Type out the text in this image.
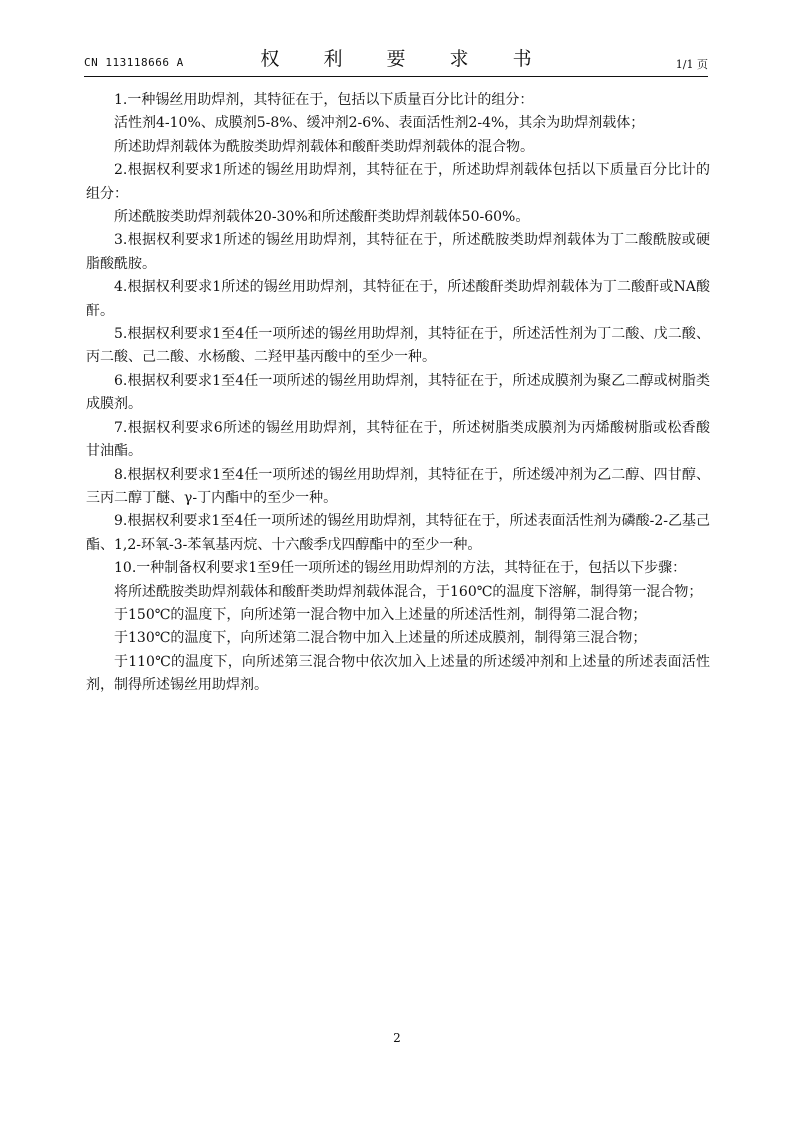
CN 113118666 A	权 利 要 求 书	1/1 页

1.一种锡丝用助焊剂，其特征在于，包括以下质量百分比计的组分：

活性剂4-10%、成膜剂5-8%、缓冲剂2-6%、表面活性剂2-4%，其余为助焊剂载体；

所述助焊剂载体为酰胺类助焊剂载体和酸酐类助焊剂载体的混合物。

2.根据权利要求1所述的锡丝用助焊剂，其特征在于，所述助焊剂载体包括以下质量百分比计的组分：

所述酰胺类助焊剂载体20-30%和所述酸酐类助焊剂载体50-60%。

3.根据权利要求1所述的锡丝用助焊剂，其特征在于，所述酰胺类助焊剂载体为丁二酸酰胺或硬脂酸酰胺。

4.根据权利要求1所述的锡丝用助焊剂，其特征在于，所述酸酐类助焊剂载体为丁二酸酐或NA酸酐。

5.根据权利要求1至4任一项所述的锡丝用助焊剂，其特征在于，所述活性剂为丁二酸、戊二酸、丙二酸、己二酸、水杨酸、二羟甲基丙酸中的至少一种。

6.根据权利要求1至4任一项所述的锡丝用助焊剂，其特征在于，所述成膜剂为聚乙二醇或树脂类成膜剂。

7.根据权利要求6所述的锡丝用助焊剂，其特征在于，所述树脂类成膜剂为丙烯酸树脂或松香酸甘油酯。

8.根据权利要求1至4任一项所述的锡丝用助焊剂，其特征在于，所述缓冲剂为乙二醇、四甘醇、三丙二醇丁醚、γ-丁内酯中的至少一种。

9.根据权利要求1至4任一项所述的锡丝用助焊剂，其特征在于，所述表面活性剂为磷酸-2-乙基己酯、1,2-环氧-3-苯氧基丙烷、十六酸季戊四醇酯中的至少一种。

10.一种制备权利要求1至9任一项所述的锡丝用助焊剂的方法，其特征在于，包括以下步骤：

将所述酰胺类助焊剂载体和酸酐类助焊剂载体混合，于160℃的温度下溶解，制得第一混合物；

于150℃的温度下，向所述第一混合物中加入上述量的所述活性剂，制得第二混合物；

于130℃的温度下，向所述第二混合物中加入上述量的所述成膜剂，制得第三混合物；

于110℃的温度下，向所述第三混合物中依次加入上述量的所述缓冲剂和上述量的所述表面活性剂，制得所述锡丝用助焊剂。

2
